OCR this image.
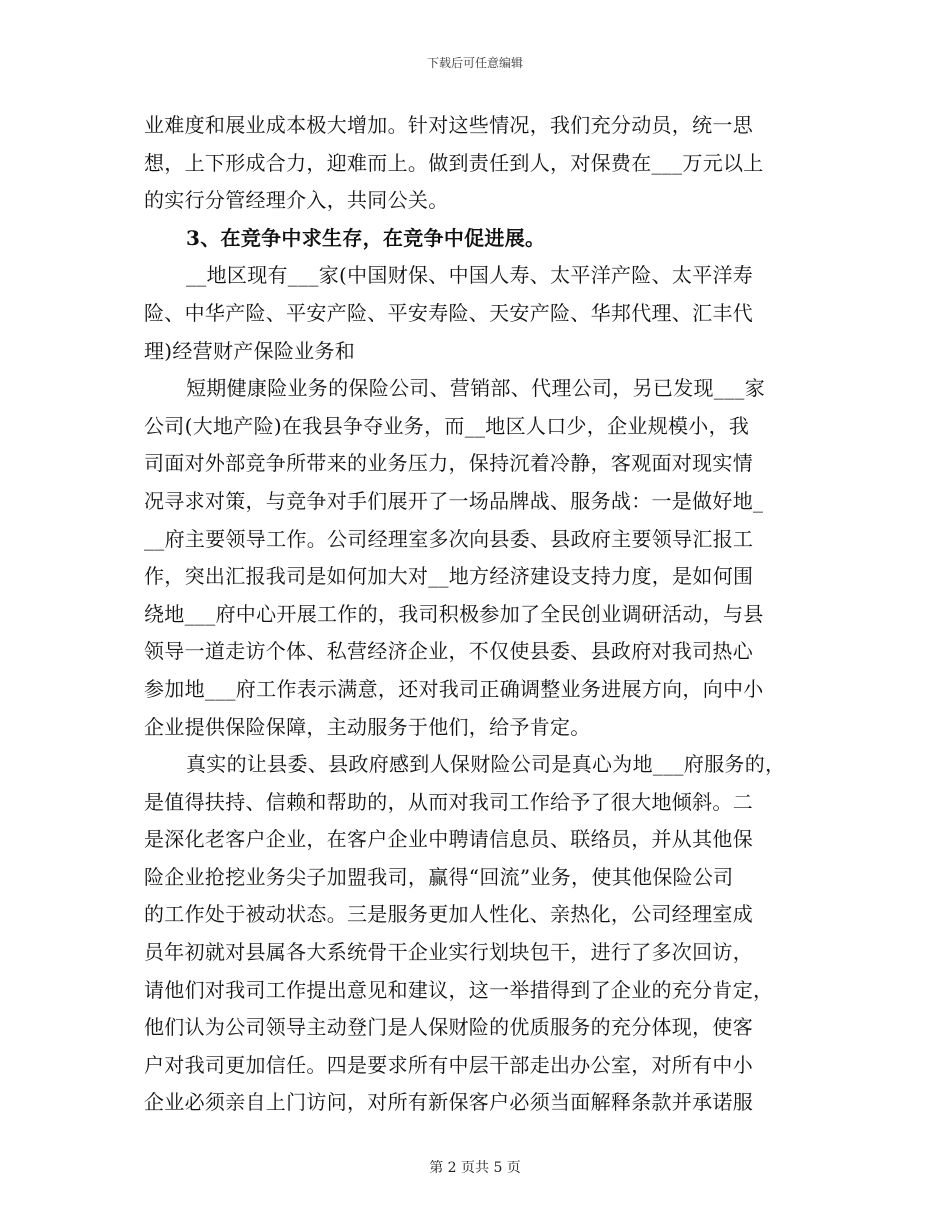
下载后可任意编辑
业难度和展业成本极大增加。针对这些情况，我们充分动员，统一思
想，上下形成合力，迎难而上。做到责任到人，对保费在___万元以上
的实行分管经理介入，共同公关。
3、在竞争中求生存，在竞争中促进展。
__地区现有___家(中国财保、中国人寿、太平洋产险、太平洋寿
险、中华产险、平安产险、平安寿险、天安产险、华邦代理、汇丰代
理)经营财产保险业务和
短期健康险业务的保险公司、营销部、代理公司，另已发现___家
公司(大地产险)在我县争夺业务，而__地区人口少，企业规模小，我
司面对外部竞争所带来的业务压力，保持沉着冷静，客观面对现实情
况寻求对策，与竞争对手们展开了一场品牌战、服务战：一是做好地_
__府主要领导工作。公司经理室多次向县委、县政府主要领导汇报工
作，突出汇报我司是如何加大对__地方经济建设支持力度，是如何围
绕地___府中心开展工作的，我司积极参加了全民创业调研活动，与县
领导一道走访个体、私营经济企业，不仅使县委、县政府对我司热心
参加地___府工作表示满意，还对我司正确调整业务进展方向，向中小
企业提供保险保障，主动服务于他们，给予肯定。
真实的让县委、县政府感到人保财险公司是真心为地___府服务的，
是值得扶持、信赖和帮助的，从而对我司工作给予了很大地倾斜。二
是深化老客户企业，在客户企业中聘请信息员、联络员，并从其他保
险企业抢挖业务尖子加盟我司，赢得“回流”业务，使其他保险公司
的工作处于被动状态。三是服务更加人性化、亲热化，公司经理室成
员年初就对县属各大系统骨干企业实行划块包干，进行了多次回访，
请他们对我司工作提出意见和建议，这一举措得到了企业的充分肯定，
他们认为公司领导主动登门是人保财险的优质服务的充分体现，使客
户对我司更加信任。四是要求所有中层干部走出办公室，对所有中小
企业必须亲自上门访问，对所有新保客户必须当面解释条款并承诺服
第 2 页共 5 页
